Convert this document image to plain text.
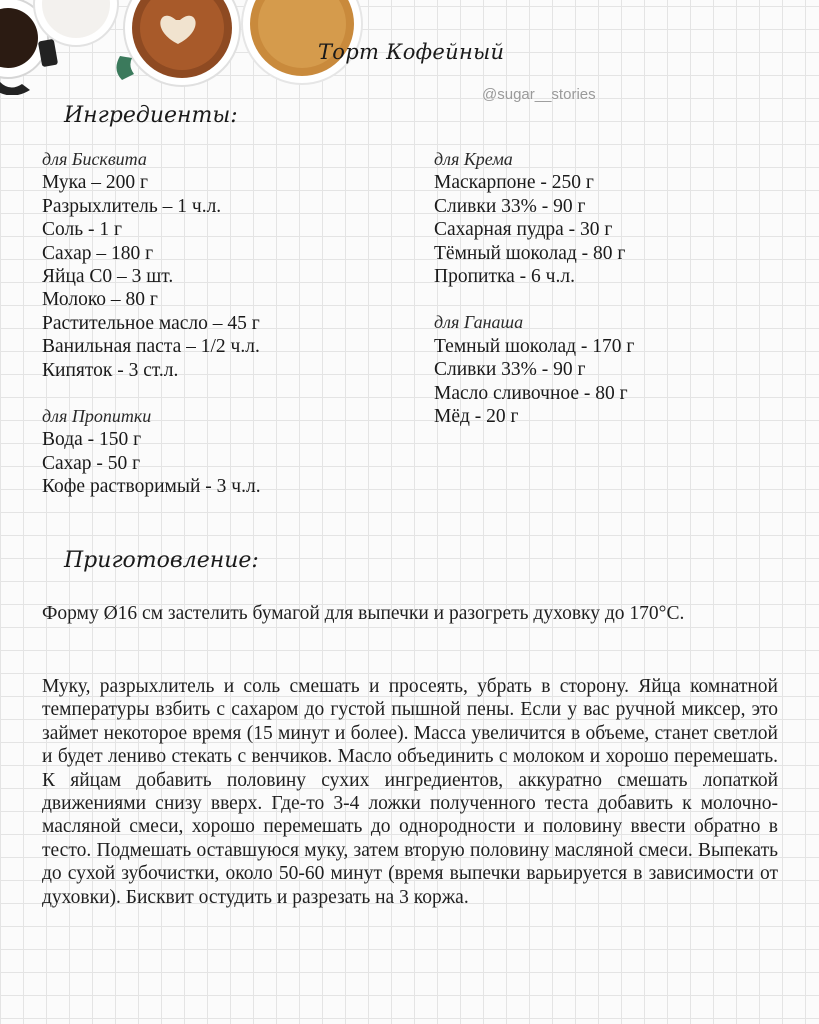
Торт Кофейный
@sugar__stories
Ингредиенты:
для Бисквита
Мука – 200 г
Разрыхлитель – 1 ч.л.
Соль - 1 г
Сахар – 180 г
Яйца С0 – 3 шт.
Молоко – 80 г
Растительное масло – 45 г
Ванильная паста – 1/2 ч.л.
Кипяток - 3 ст.л.
для Пропитки
Вода - 150 г
Сахар - 50 г
Кофе растворимый - 3 ч.л.
для Крема
Маскарпоне - 250 г
Сливки 33% - 90 г
Сахарная пудра - 30 г
Тёмный шоколад - 80 г
Пропитка - 6 ч.л.
для Ганаша
Темный шоколад - 170 г
Сливки 33% - 90 г
Масло сливочное - 80 г
Мёд - 20 г
Приготовление:
Форму Ø16 см застелить бумагой для выпечки и разогреть духовку до 170°С.
Муку, разрыхлитель и соль смешать и просеять, убрать в сторону. Яйца комнатной температуры взбить с сахаром до густой пышной пены. Если у вас ручной миксер, это займет некоторое время (15 минут и более). Масса увеличится в объеме, станет светлой и будет лениво стекать с венчиков. Масло объединить с молоком и хорошо перемешать. К яйцам добавить половину сухих ингредиентов, аккуратно смешать лопаткой движениями снизу вверх. Где-то 3-4 ложки полученного теста добавить к молочно-масляной смеси, хорошо перемешать до однородности и половину ввести обратно в тесто. Подмешать оставшуюся муку, затем вторую половину масляной смеси. Выпекать до сухой зубочистки, около 50-60 минут (время выпечки варьируется в зависимости от духовки). Бисквит остудить и разрезать на 3 коржа.
